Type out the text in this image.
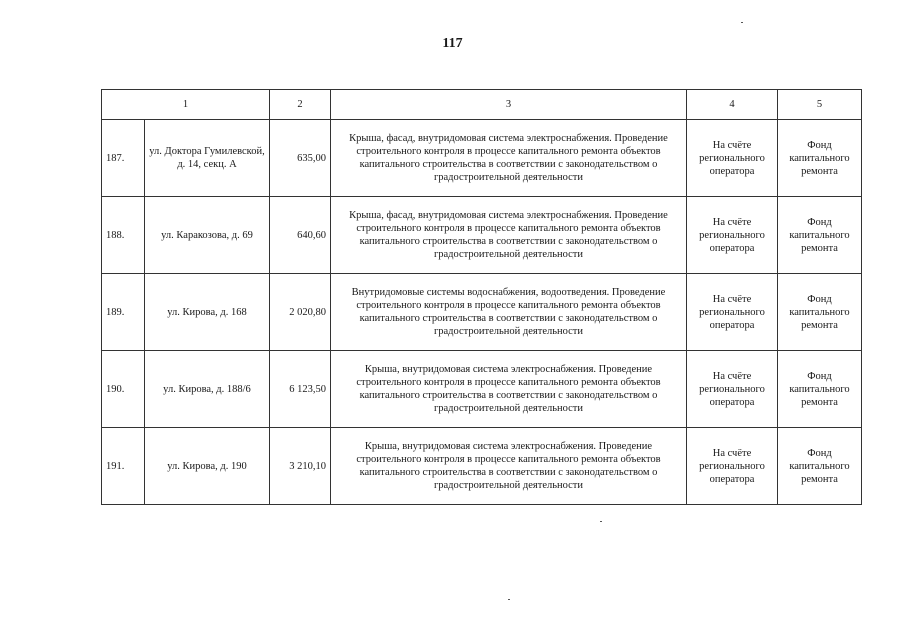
117
1		2	3	4	5
187.	ул. Доктора Гумилевской, д. 14, секц. А	635,00	Крыша, фасад, внутридомовая система электроснабжения. Проведение строительного контроля в процессе капитального ремонта объектов капитального строительства в соответствии с законодательством о градостроительной деятельности	На счёте регионального оператора	Фонд капитального ремонта
188.	ул. Каракозова, д. 69	640,60	Крыша, фасад, внутридомовая система электроснабжения. Проведение строительного контроля в процессе капитального ремонта объектов капитального строительства в соответствии с законодательством о градостроительной деятельности	На счёте регионального оператора	Фонд капитального ремонта
189.	ул. Кирова, д. 168	2 020,80	Внутридомовые системы водоснабжения, водоотведения. Проведение строительного контроля в процессе капитального ремонта объектов капитального строительства в соответствии с законодательством о градостроительной деятельности	На счёте регионального оператора	Фонд капитального ремонта
190.	ул. Кирова, д. 188/6	6 123,50	Крыша, внутридомовая система электроснабжения. Проведение строительного контроля в процессе капитального ремонта объектов капитального строительства в соответствии с законодательством о градостроительной деятельности	На счёте регионального оператора	Фонд капитального ремонта
191.	ул. Кирова, д. 190	3 210,10	Крыша, внутридомовая система электроснабжения. Проведение строительного контроля в процессе капитального ремонта объектов капитального строительства в соответствии с законодательством о градостроительной деятельности	На счёте регионального оператора	Фонд капитального ремонта
